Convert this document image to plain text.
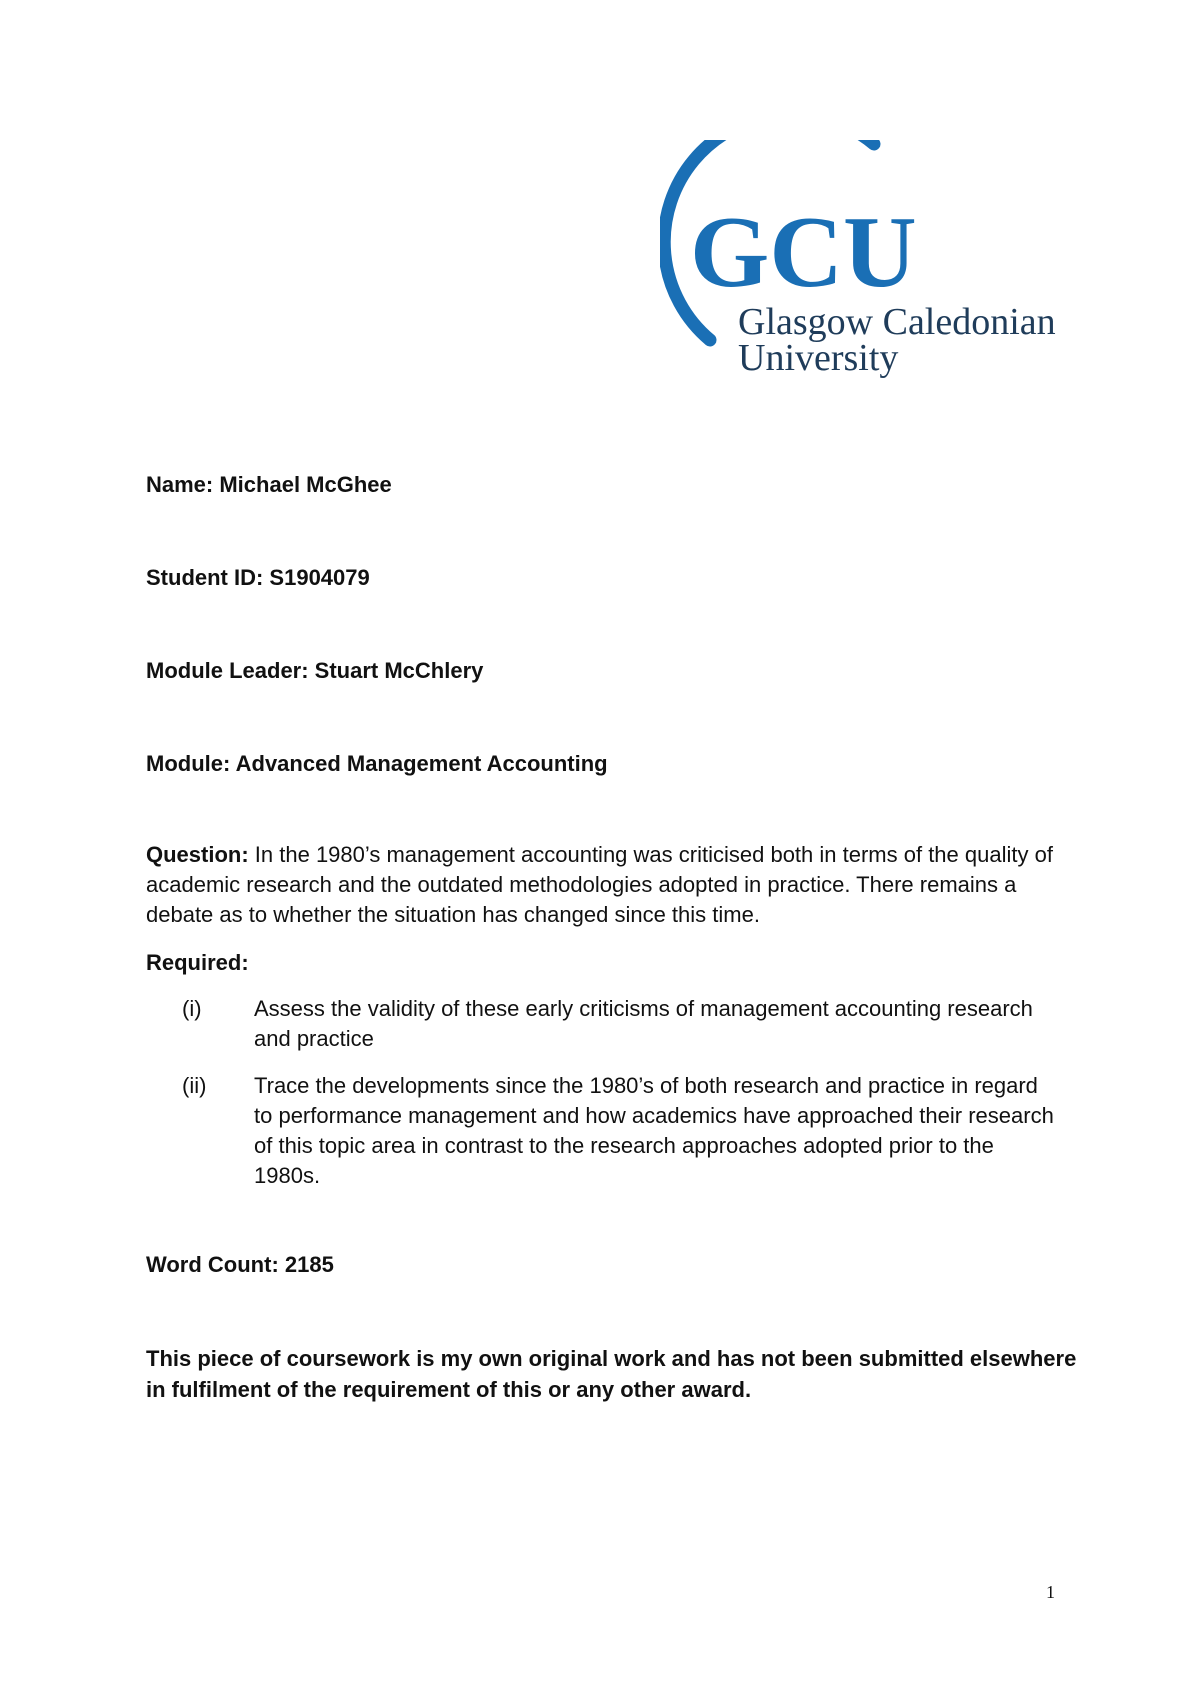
GCU
Glasgow Caledonian
University
Name: Michael McGhee
Student ID: S1904079
Module Leader: Stuart McChlery
Module: Advanced Management Accounting
Question: In the 1980’s management accounting was criticised both in terms of the quality of academic research and the outdated methodologies adopted in practice. There remains a debate as to whether the situation has changed since this time.
Required:
(i) Assess the validity of these early criticisms of management accounting research and practice
(ii) Trace the developments since the 1980’s of both research and practice in regard to performance management and how academics have approached their research of this topic area in contrast to the research approaches adopted prior to the 1980s.
Word Count: 2185
This piece of coursework is my own original work and has not been submitted elsewhere in fulfilment of the requirement of this or any other award.
1
